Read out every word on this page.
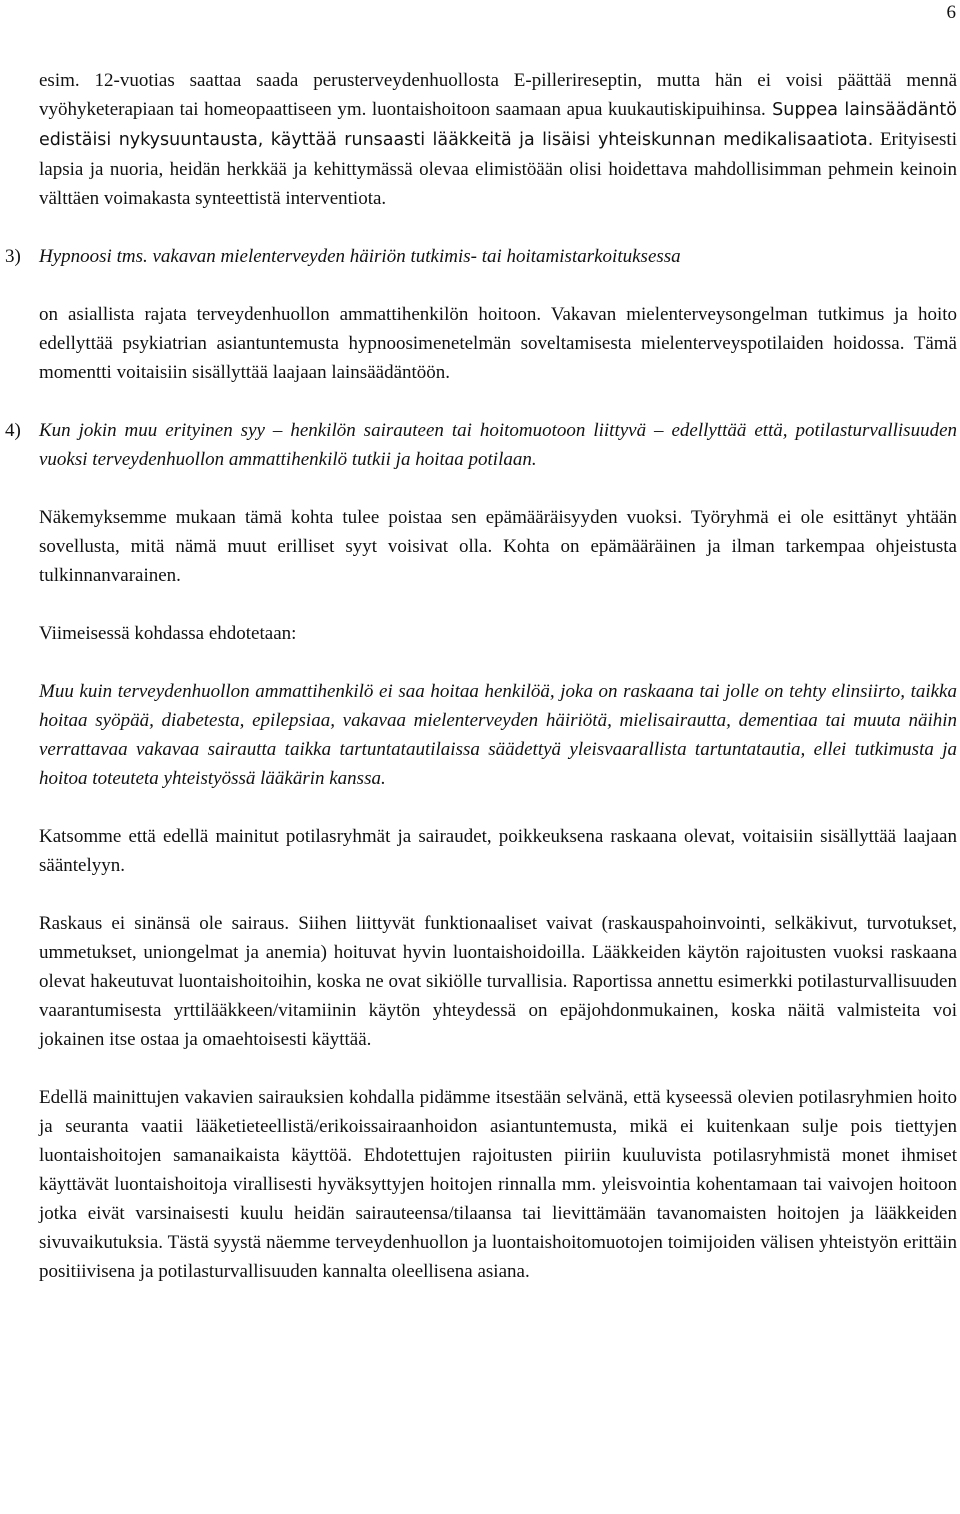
6

esim. 12-vuotias saattaa saada perusterveydenhuollosta E-pillerireseptin, mutta hän ei voisi päättää mennä vyöhyketerapiaan tai homeopaattiseen ym. luontaishoitoon saamaan apua kuukautiskipuihinsa. Suppea lainsäädäntö edistäisi nykysuuntausta, käyttää runsaasti lääkkeitä ja lisäisi yhteiskunnan medikalisaatiota. Erityisesti lapsia ja nuoria, heidän herkkää ja kehittymässä olevaa elimistöään olisi hoidettava mahdollisimman pehmein keinoin välttäen voimakasta synteettistä interventiota.

3) Hypnoosi tms. vakavan mielenterveyden häiriön tutkimis- tai hoitamistarkoituksessa

on asiallista rajata terveydenhuollon ammattihenkilön hoitoon. Vakavan mielenterveysongelman tutkimus ja hoito edellyttää psykiatrian asiantuntemusta hypnoosimenetelmän soveltamisesta mielenterveyspotilaiden hoidossa. Tämä momentti voitaisiin sisällyttää laajaan lainsäädäntöön.

4) Kun jokin muu erityinen syy – henkilön sairauteen tai hoitomuotoon liittyvä – edellyttää että, potilasturvallisuuden vuoksi terveydenhuollon ammattihenkilö tutkii ja hoitaa potilaan.

Näkemyksemme mukaan tämä kohta tulee poistaa sen epämääräisyyden vuoksi. Työryhmä ei ole esittänyt yhtään sovellusta, mitä nämä muut erilliset syyt voisivat olla. Kohta on epämääräinen ja ilman tarkempaa ohjeistusta tulkinnanvarainen.

Viimeisessä kohdassa ehdotetaan:

Muu kuin terveydenhuollon ammattihenkilö ei saa hoitaa henkilöä, joka on raskaana tai jolle on tehty elinsiirto, taikka hoitaa syöpää, diabetesta, epilepsiaa, vakavaa mielenterveyden häiriötä, mielisairautta, dementiaa tai muuta näihin verrattavaa vakavaa sairautta taikka tartuntatautilaissa säädettyä yleisvaarallista tartuntatautia, ellei tutkimusta ja hoitoa toteuteta yhteistyössä lääkärin kanssa.

Katsomme että edellä mainitut potilasryhmät ja sairaudet, poikkeuksena raskaana olevat, voitaisiin sisällyttää laajaan sääntelyyn.

Raskaus ei sinänsä ole sairaus. Siihen liittyvät funktionaaliset vaivat (raskauspahoinvointi, selkäkivut, turvotukset, ummetukset, uniongelmat ja anemia) hoituvat hyvin luontaishoidoilla. Lääkkeiden käytön rajoitusten vuoksi raskaana olevat hakeutuvat luontaishoitoihin, koska ne ovat sikiölle turvallisia. Raportissa annettu esimerkki potilasturvallisuuden vaarantumisesta yrttilääkkeen/vitamiinin käytön yhteydessä on epäjohdonmukainen, koska näitä valmisteita voi jokainen itse ostaa ja omaehtoisesti käyttää.

Edellä mainittujen vakavien sairauksien kohdalla pidämme itsestään selvänä, että kyseessä olevien potilasryhmien hoito ja seuranta vaatii lääketieteellistä/erikoissairaanhoidon asiantuntemusta, mikä ei kuitenkaan sulje pois tiettyjen luontaishoitojen samanaikaista käyttöä. Ehdotettujen rajoitusten piiriin kuuluvista potilasryhmistä monet ihmiset käyttävät luontaishoitoja virallisesti hyväksyttyjen hoitojen rinnalla mm. yleisvointia kohentamaan tai vaivojen hoitoon jotka eivät varsinaisesti kuulu heidän sairauteensa/tilaansa tai lievittämään tavanomaisten hoitojen ja lääkkeiden sivuvaikutuksia. Tästä syystä näemme terveydenhuollon ja luontaishoitomuotojen toimijoiden välisen yhteistyön erittäin positiivisena ja potilasturvallisuuden kannalta oleellisena asiana.
